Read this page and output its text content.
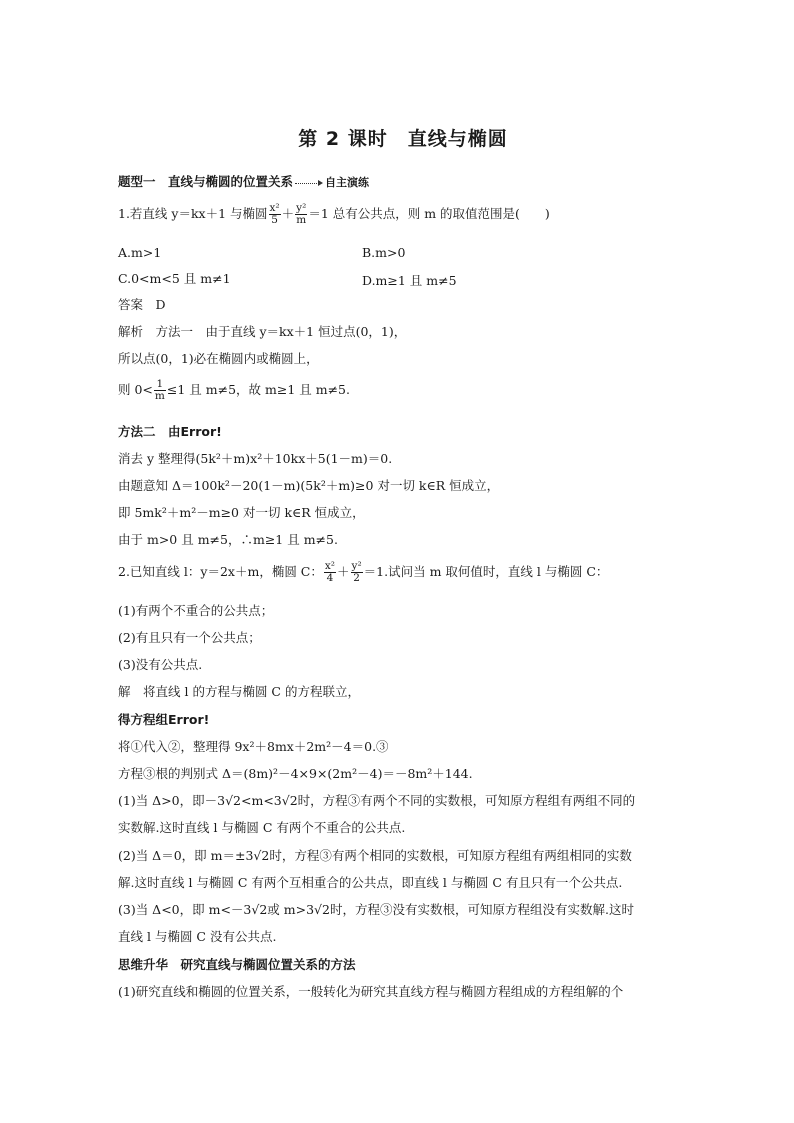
第 2 课时　直线与椭圆
题型一　直线与椭圆的位置关系	自主演练
1.若直线 y＝kx＋1 与椭圆 $\frac{\text{x²}}{5} + \frac{\text{y²}}{m} =1$ 总有公共点，则 m 的取值范围是(　　)
A.m>1	B.m>0
C.0<m<5 且 m≠1	D.m≥1 且 m≠5
答案　D
解析　方法一　由于直线 y＝kx＋1 恒过点(0，1)，
所以点(0，1)必在椭圆内或椭圆上，
则 $0< \frac{1}{m} \le 1$ 且 m≠5，故 m≥1 且 m≠5.
方法二　由Error!
消去 y 整理得(5k²＋m)x²＋10kx＋5(1－m)＝0.
由题意知 Δ＝100k²－20(1－m)(5k²＋m)≥0 对一切 k∈R 恒成立，
即 5mk²＋m²－m≥0 对一切 k∈R 恒成立，
由于 m>0 且 m≠5，∴m≥1 且 m≠5.
2.已知直线 l：y＝2x＋m，椭圆 C： $\frac{\text{x²}}{4} + \frac{\text{y²}}{2} =1$.试问当 m 取何值时，直线 l 与椭圆 C：
(1)有两个不重合的公共点；
(2)有且只有一个公共点；
(3)没有公共点.
解　将直线 l 的方程与椭圆 C 的方程联立，
得方程组Error!
将①代入②，整理得 9x²＋8mx＋2m²－4＝0.③
方程③根的判别式 Δ＝(8m)²－4×9×(2m²－4)＝－8m²＋144.
(1)当 Δ>0，即－3√2<m<3√2时，方程③有两个不同的实数根，可知原方程组有两组不同的
实数解.这时直线 l 与椭圆 C 有两个不重合的公共点.
(2)当 Δ＝0，即 m＝±3√2时，方程③有两个相同的实数根，可知原方程组有两组相同的实数
解.这时直线 l 与椭圆 C 有两个互相重合的公共点，即直线 l 与椭圆 C 有且只有一个公共点.
(3)当 Δ<0，即 m<－3√2或 m>3√2时，方程③没有实数根，可知原方程组没有实数解.这时
直线 l 与椭圆 C 没有公共点.
思维升华　研究直线与椭圆位置关系的方法
(1)研究直线和椭圆的位置关系，一般转化为研究其直线方程与椭圆方程组成的方程组解的个
